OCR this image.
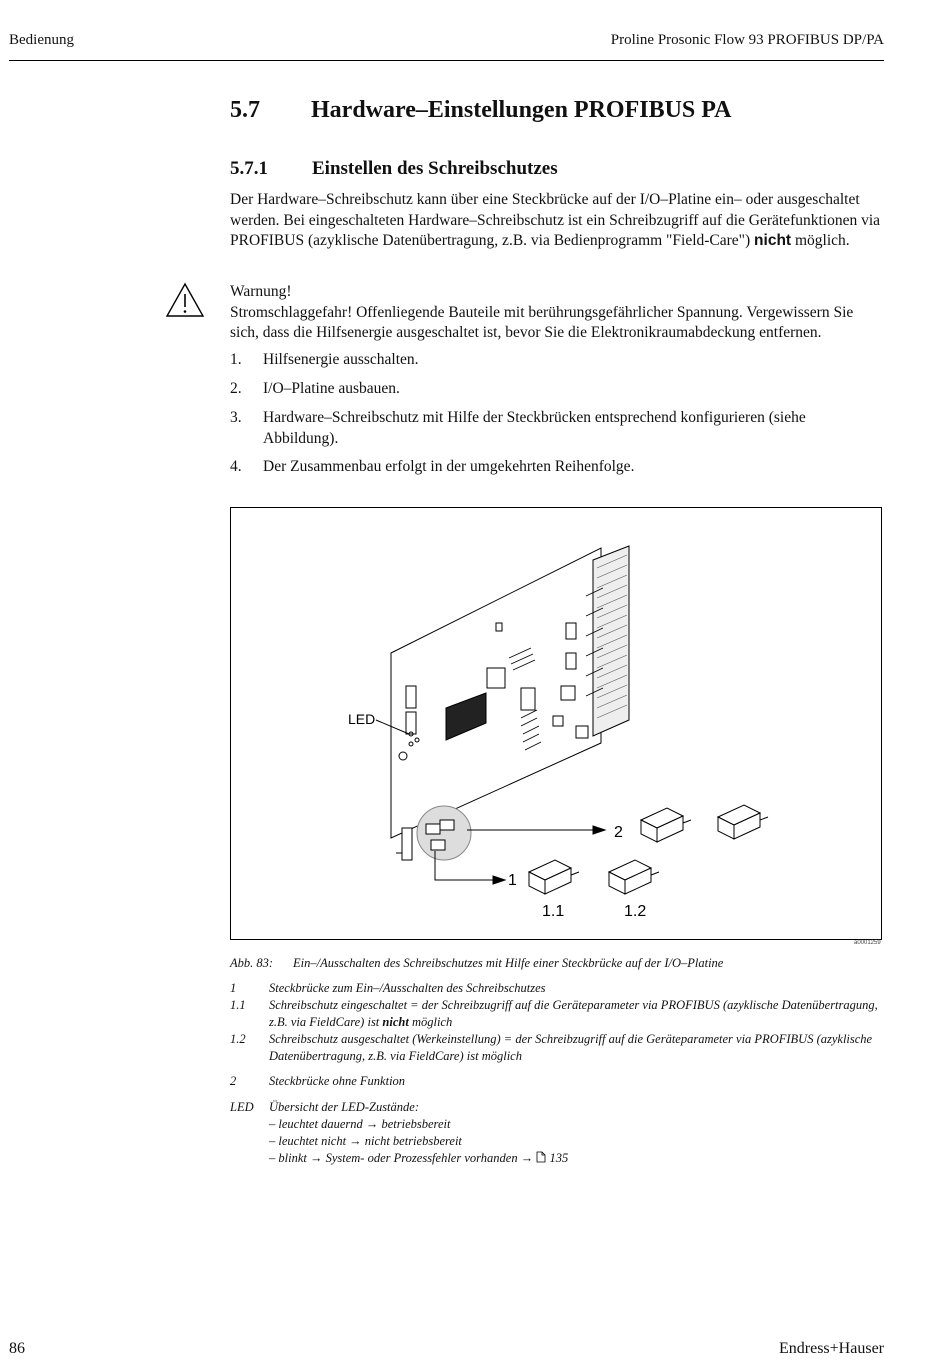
Bedienung	Proline Prosonic Flow 93 PROFIBUS DP/PA
5.7 Hardware–Einstellungen PROFIBUS PA
5.7.1 Einstellen des Schreibschutzes
Der Hardware–Schreibschutz kann über eine Steckbrücke auf der I/O–Platine ein– oder ausgeschaltet werden. Bei eingeschalteten Hardware–Schreibschutz ist ein Schreibzugriff auf die Gerätefunktionen via PROFIBUS (azyklische Datenübertragung, z.B. via Bedienprogramm "Field-Care") nicht möglich.
Warnung!
Stromschlaggefahr! Offenliegende Bauteile mit berührungsgefährlicher Spannung. Vergewissern Sie sich, dass die Hilfsenergie ausgeschaltet ist, bevor Sie die Elektronikraumabdeckung entfernen.
1. Hilfsenergie ausschalten.
2. I/O–Platine ausbauen.
3. Hardware–Schreibschutz mit Hilfe der Steckbrücken entsprechend konfigurieren (siehe Abbildung).
4. Der Zusammenbau erfolgt in der umgekehrten Reihenfolge.
LED
2
1
1.1	1.2
a0001259
Abb. 83: Ein–/Ausschalten des Schreibschutzes mit Hilfe einer Steckbrücke auf der I/O–Platine
1	Steckbrücke zum Ein–/Ausschalten des Schreibschutzes
1.1 Schreibschutz eingeschaltet = der Schreibzugriff auf die Geräteparameter via PROFIBUS (azyklische Datenübertragung, z.B. via FieldCare) ist nicht möglich
1.2 Schreibschutz ausgeschaltet (Werkeinstellung) = der Schreibzugriff auf die Geräteparameter via PROFIBUS (azyklische Datenübertragung, z.B. via FieldCare) ist möglich
2	Steckbrücke ohne Funktion
LED Übersicht der LED-Zustände:
– leuchtet dauernd → betriebsbereit
– leuchtet nicht → nicht betriebsbereit
– blinkt → System- oder Prozessfehler vorhanden →  135
86	Endress+Hauser
